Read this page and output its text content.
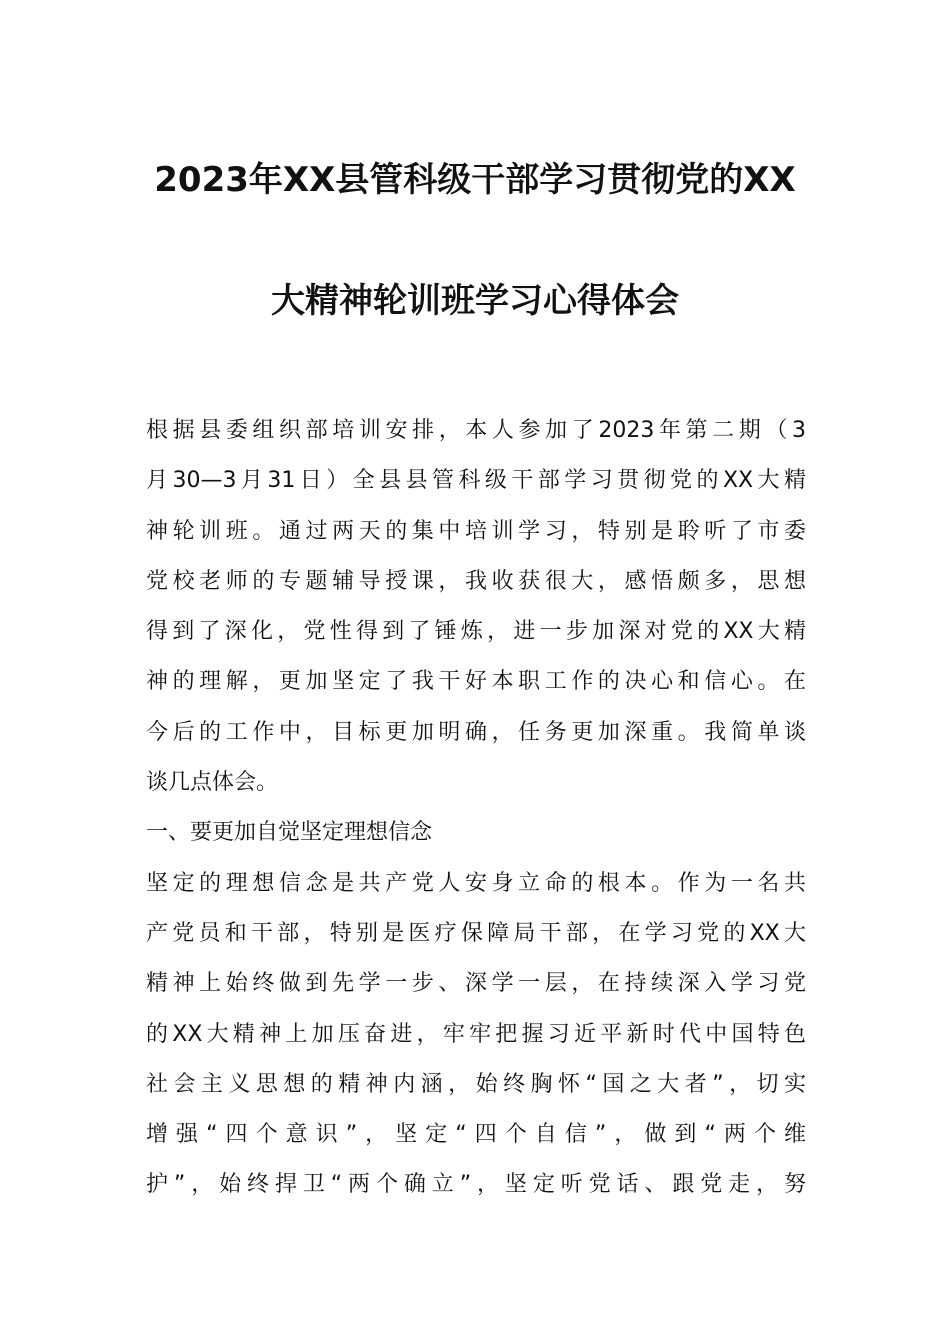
2023年XX县管科级干部学习贯彻党的XX
大精神轮训班学习心得体会
根据县委组织部培训安排，本人参加了2023年第二期（3
月30—3月31日）全县县管科级干部学习贯彻党的XX大精
神轮训班。通过两天的集中培训学习，特别是聆听了市委
党校老师的专题辅导授课，我收获很大，感悟颇多，思想
得到了深化，党性得到了锤炼，进一步加深对党的XX大精
神的理解，更加坚定了我干好本职工作的决心和信心。在
今后的工作中，目标更加明确，任务更加深重。我简单谈
谈几点体会。
一、要更加自觉坚定理想信念
坚定的理想信念是共产党人安身立命的根本。作为一名共
产党员和干部，特别是医疗保障局干部，在学习党的XX大
精神上始终做到先学一步、深学一层，在持续深入学习党
的XX大精神上加压奋进，牢牢把握习近平新时代中国特色
社会主义思想的精神内涵，始终胸怀“国之大者”，切实
增强“四个意识”，坚定“四个自信”，做到“两个维
护”，始终捍卫“两个确立”，坚定听党话、跟党走，努
